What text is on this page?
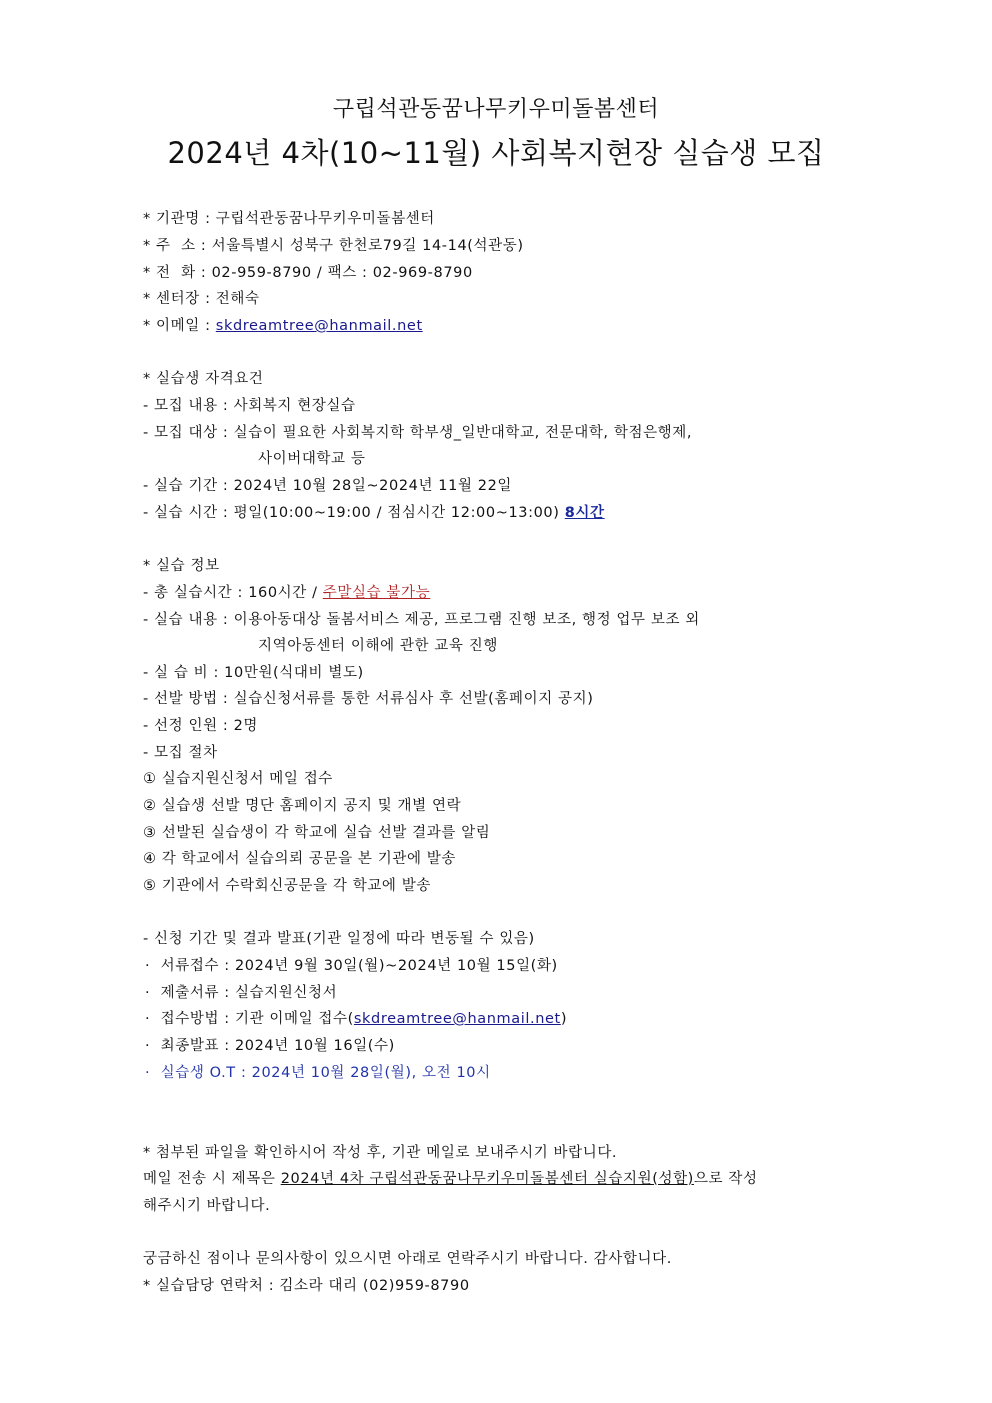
구립석관동꿈나무키우미돌봄센터
2024년 4차(10~11월) 사회복지현장 실습생 모집
* 기관명 : 구립석관동꿈나무키우미돌봄센터
* 주  소 : 서울특별시 성북구 한천로79길 14-14(석관동)
* 전  화 : 02-959-8790 / 팩스 : 02-969-8790
* 센터장 : 전해숙
* 이메일 : skdreamtree@hanmail.net
* 실습생 자격요건
- 모집 내용 : 사회복지 현장실습
- 모집 대상 : 실습이 필요한 사회복지학 학부생_일반대학교, 전문대학, 학점은행제,
사이버대학교 등
- 실습 기간 : 2024년 10월 28일~2024년 11월 22일
- 실습 시간 : 평일(10:00~19:00 / 점심시간 12:00~13:00) 8시간
* 실습 정보
- 총 실습시간 : 160시간 / 주말실습 불가능
- 실습 내용 : 이용아동대상 돌봄서비스 제공, 프로그램 진행 보조, 행정 업무 보조 외
지역아동센터 이해에 관한 교육 진행
- 실 습 비 : 10만원(식대비 별도)
- 선발 방법 : 실습신청서류를 통한 서류심사 후 선발(홈페이지 공지)
- 선정 인원 : 2명
- 모집 절차
① 실습지원신청서 메일 접수
② 실습생 선발 명단 홈페이지 공지 및 개별 연락
③ 선발된 실습생이 각 학교에 실습 선발 결과를 알림
④ 각 학교에서 실습의뢰 공문을 본 기관에 발송
⑤ 기관에서 수락회신공문을 각 학교에 발송
- 신청 기간 및 결과 발표(기관 일정에 따라 변동될 수 있음)
·  서류접수 : 2024년 9월 30일(월)~2024년 10월 15일(화)
·  제출서류 : 실습지원신청서
·  접수방법 : 기관 이메일 접수(skdreamtree@hanmail.net)
·  최종발표 : 2024년 10월 16일(수)
·  실습생 O.T : 2024년 10월 28일(월), 오전 10시
* 첨부된 파일을 확인하시어 작성 후, 기관 메일로 보내주시기 바랍니다.
메일 전송 시 제목은 2024년 4차 구립석관동꿈나무키우미돌봄센터 실습지원(성함)으로 작성
해주시기 바랍니다.
궁금하신 점이나 문의사항이 있으시면 아래로 연락주시기 바랍니다. 감사합니다.
* 실습담당 연락처 : 김소라 대리 (02)959-8790
